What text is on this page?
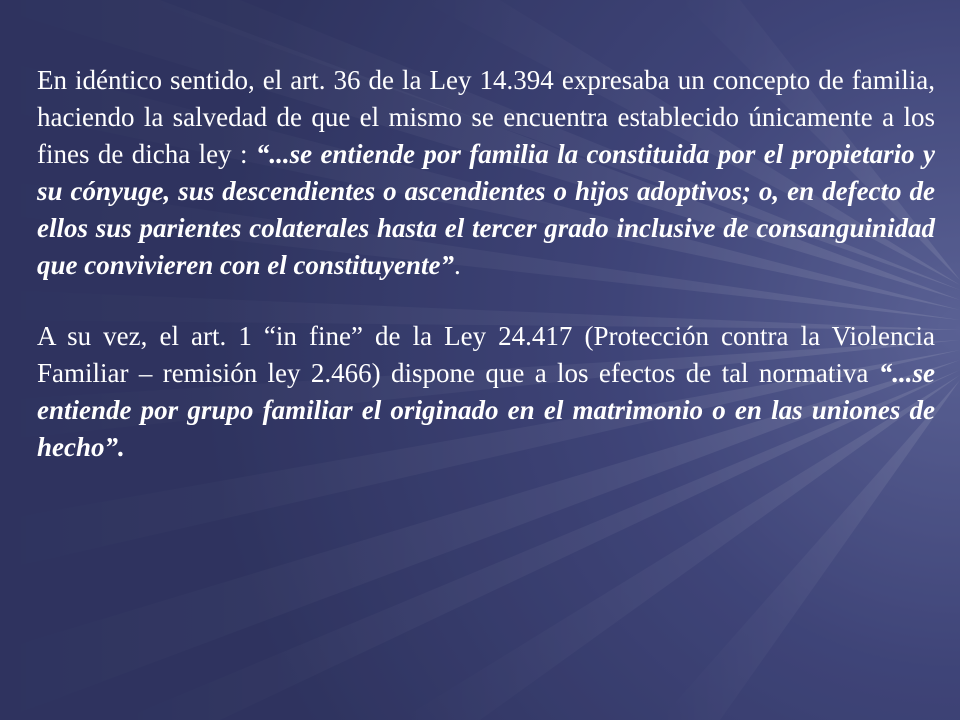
En idéntico sentido, el art. 36 de la Ley 14.394 expresaba un concepto de familia, haciendo la salvedad de que el mismo se encuentra establecido únicamente a los fines de dicha ley : “...se entiende por familia la constituida por el propietario y su cónyuge, sus descendientes o ascendientes o hijos adoptivos; o, en defecto de ellos sus parientes colaterales hasta el tercer grado inclusive de consanguinidad que convivieren con el constituyente”.

A su vez, el art. 1 “in fine” de la Ley 24.417 (Protección contra la Violencia Familiar – remisión ley 2.466) dispone que a los efectos de tal normativa “...se entiende por grupo familiar el originado en el matrimonio o en las uniones de hecho”.
